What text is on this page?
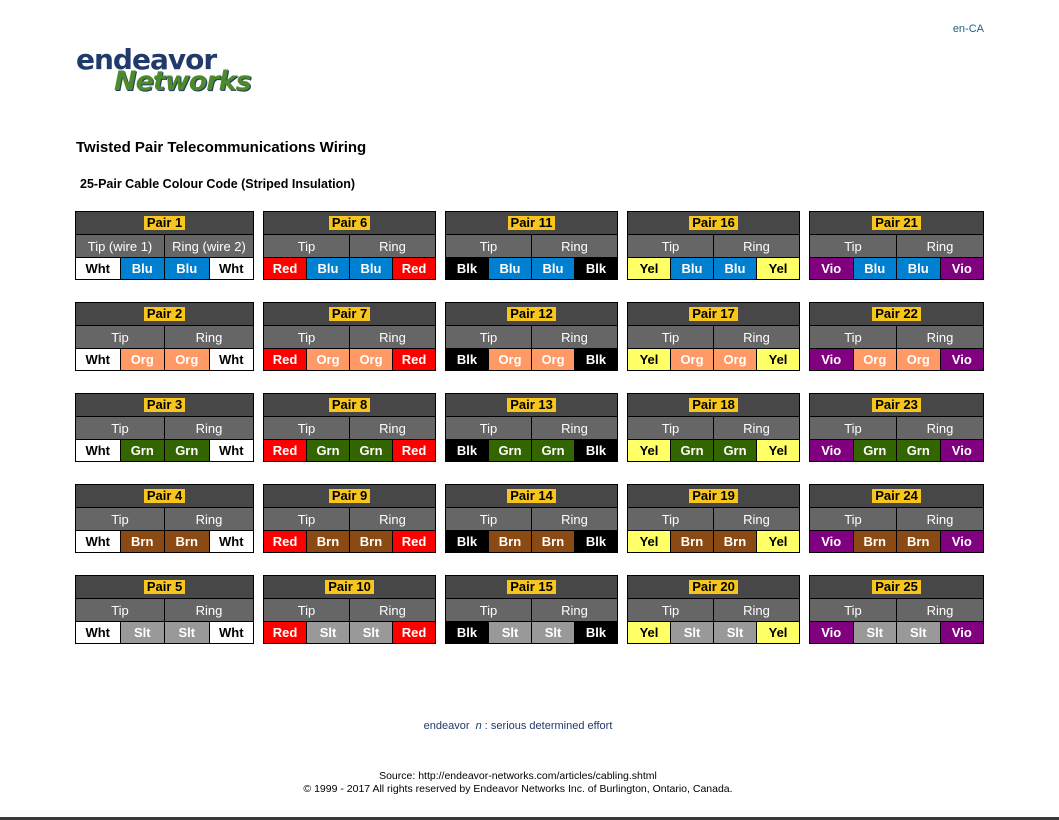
en-CA
endeavor
Networks
Twisted Pair Telecommunications Wiring
25-Pair Cable Colour Code (Striped Insulation)
Pair 1			
Tip (wire 1)		Ring (wire 2)	
Wht	Blu	Blu	Wht
Pair 2			
Tip		Ring	
Wht	Org	Org	Wht
Pair 3			
Tip		Ring	
Wht	Grn	Grn	Wht
Pair 4			
Tip		Ring	
Wht	Brn	Brn	Wht
Pair 5			
Tip		Ring	
Wht	Slt	Slt	Wht
Pair 6			
Tip		Ring	
Red	Blu	Blu	Red
Pair 7			
Tip		Ring	
Red	Org	Org	Red
Pair 8			
Tip		Ring	
Red	Grn	Grn	Red
Pair 9			
Tip		Ring	
Red	Brn	Brn	Red
Pair 10			
Tip		Ring	
Red	Slt	Slt	Red
Pair 11			
Tip		Ring	
Blk	Blu	Blu	Blk
Pair 12			
Tip		Ring	
Blk	Org	Org	Blk
Pair 13			
Tip		Ring	
Blk	Grn	Grn	Blk
Pair 14			
Tip		Ring	
Blk	Brn	Brn	Blk
Pair 15			
Tip		Ring	
Blk	Slt	Slt	Blk
Pair 16			
Tip		Ring	
Yel	Blu	Blu	Yel
Pair 17			
Tip		Ring	
Yel	Org	Org	Yel
Pair 18			
Tip		Ring	
Yel	Grn	Grn	Yel
Pair 19			
Tip		Ring	
Yel	Brn	Brn	Yel
Pair 20			
Tip		Ring	
Yel	Slt	Slt	Yel
Pair 21			
Tip		Ring	
Vio	Blu	Blu	Vio
Pair 22			
Tip		Ring	
Vio	Org	Org	Vio
Pair 23			
Tip		Ring	
Vio	Grn	Grn	Vio
Pair 24			
Tip		Ring	
Vio	Brn	Brn	Vio
Pair 25			
Tip		Ring	
Vio	Slt	Slt	Vio
endeavor n : serious determined effort
Source: http://endeavor-networks.com/articles/cabling.shtml
© 1999 - 2017 All rights reserved by Endeavor Networks Inc. of Burlington, Ontario, Canada.
